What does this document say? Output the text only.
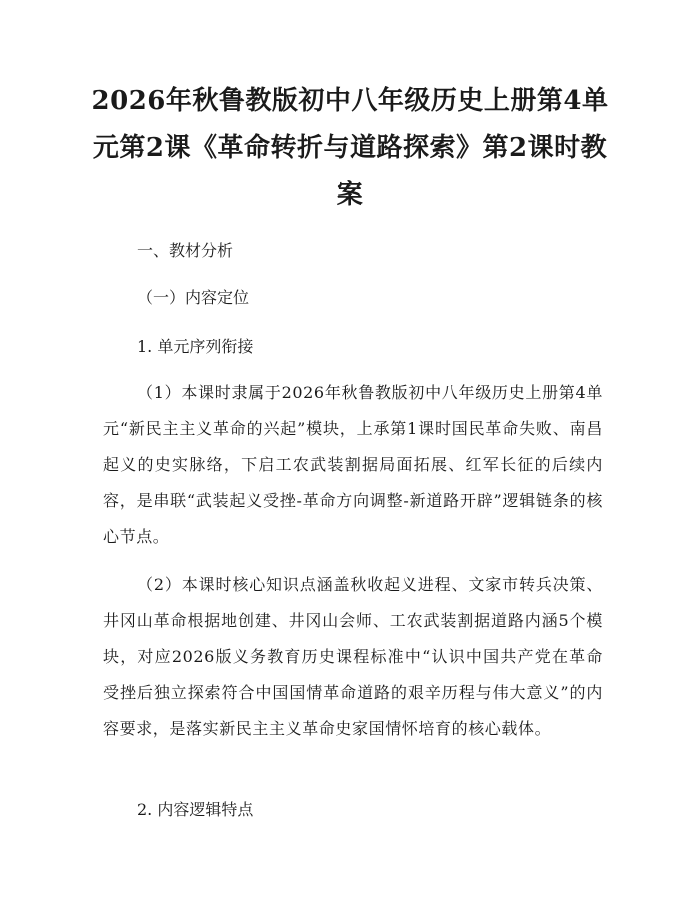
2026年秋鲁教版初中八年级历史上册第4单元第2课《革命转折与道路探索》第2课时教案

一、教材分析

（一）内容定位

1. 单元序列衔接

（1）本课时隶属于2026年秋鲁教版初中八年级历史上册第4单元“新民主主义革命的兴起”模块，上承第1课时国民革命失败、南昌起义的史实脉络，下启工农武装割据局面拓展、红军长征的后续内容，是串联“武装起义受挫-革命方向调整-新道路开辟”逻辑链条的核心节点。

（2）本课时核心知识点涵盖秋收起义进程、文家市转兵决策、井冈山革命根据地创建、井冈山会师、工农武装割据道路内涵5个模块，对应2026版义务教育历史课程标准中“认识中国共产党在革命受挫后独立探索符合中国国情革命道路的艰辛历程与伟大意义”的内容要求，是落实新民主主义革命史家国情怀培育的核心载体。

2. 内容逻辑特点
